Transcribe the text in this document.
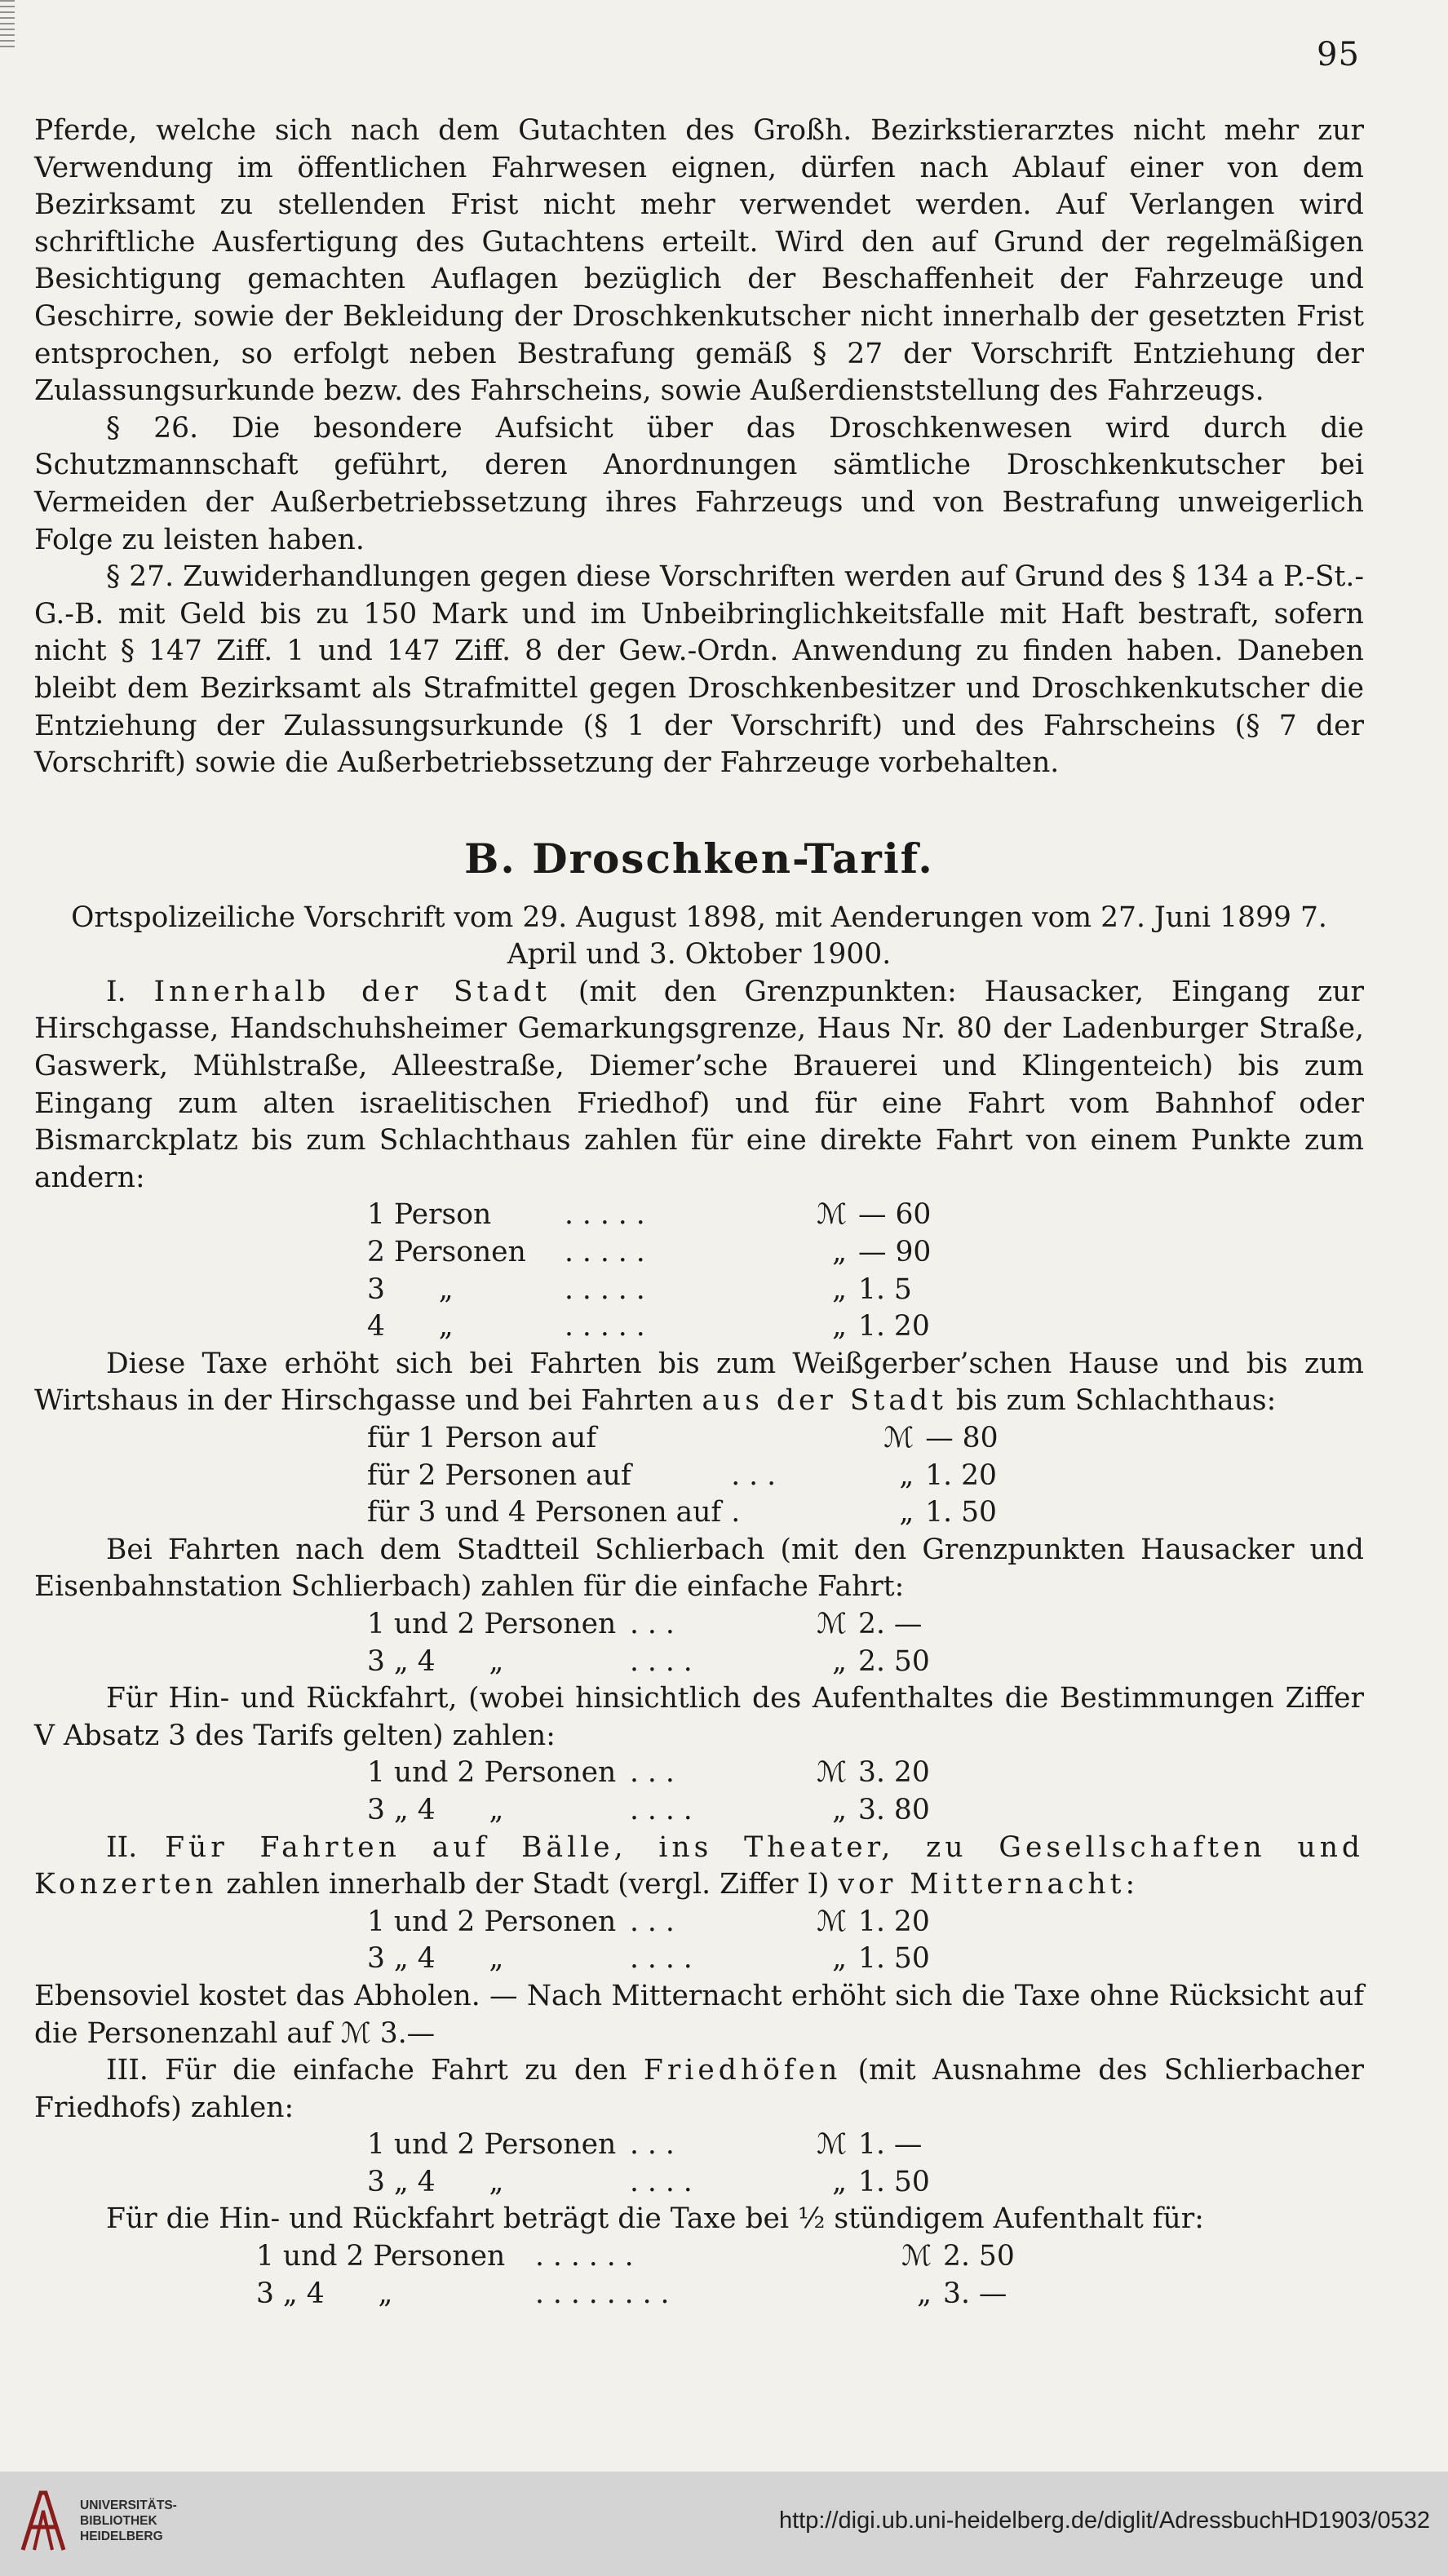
95

Pferde, welche sich nach dem Gutachten des Großh. Bezirkstierarztes nicht mehr zur Verwendung im öffentlichen Fahrwesen eignen, dürfen nach Ablauf einer von dem Bezirksamt zu stellenden Frist nicht mehr verwendet werden. Auf Verlangen wird schriftliche Ausfertigung des Gutachtens erteilt. Wird den auf Grund der regelmäßigen Besichtigung gemachten Auflagen bezüglich der Beschaffenheit der Fahrzeuge und Geschirre, sowie der Bekleidung der Droschkenkutscher nicht innerhalb der gesetzten Frist entsprochen, so erfolgt neben Bestrafung gemäß § 27 der Vorschrift Entziehung der Zulassungsurkunde bezw. des Fahrscheins, sowie Außerdienststellung des Fahrzeugs.

§ 26. Die besondere Aufsicht über das Droschkenwesen wird durch die Schutzmannschaft geführt, deren Anordnungen sämtliche Droschkenkutscher bei Vermeiden der Außerbetriebssetzung ihres Fahrzeugs und von Bestrafung unweigerlich Folge zu leisten haben.

§ 27. Zuwiderhandlungen gegen diese Vorschriften werden auf Grund des § 134 a P.-St.-G.-B. mit Geld bis zu 150 Mark und im Unbeibringlichkeitsfalle mit Haft bestraft, sofern nicht § 147 Ziff. 1 und 147 Ziff. 8 der Gew.-Ordn. Anwendung zu finden haben. Daneben bleibt dem Bezirksamt als Strafmittel gegen Droschkenbesitzer und Droschkenkutscher die Entziehung der Zulassungsurkunde (§ 1 der Vorschrift) und des Fahrscheins (§ 7 der Vorschrift) sowie die Außerbetriebssetzung der Fahrzeuge vorbehalten.

B. Droschken-Tarif.

Ortspolizeiliche Vorschrift vom 29. August 1898, mit Aenderungen vom 27. Juni 1899 7. April und 3. Oktober 1900.

I. Innerhalb der Stadt (mit den Grenzpunkten: Hausacker, Eingang zur Hirschgasse, Handschuhsheimer Gemarkungsgrenze, Haus Nr. 80 der Ladenburger Straße, Gaswerk, Mühlstraße, Alleestraße, Diemer’sche Brauerei und Klingenteich) bis zum Eingang zum alten israelitischen Friedhof) und für eine Fahrt vom Bahnhof oder Bismarckplatz bis zum Schlachthaus zahlen für eine direkte Fahrt von einem Punkte zum andern:

1 Person	. . . . .	ℳ	— 60
2 Personen	. . . . .	„	— 90
3      „	. . . . .	„	1. 5
4      „	. . . . .	„	1. 20

Diese Taxe erhöht sich bei Fahrten bis zum Weißgerber’schen Hause und bis zum Wirtshaus in der Hirschgasse und bei Fahrten aus der Stadt bis zum Schlachthaus:

für 1 Person auf		ℳ	— 80
für 2 Personen auf	. . .	„	1. 20
für 3 und 4 Personen auf	.	„	1. 50

Bei Fahrten nach dem Stadtteil Schlierbach (mit den Grenzpunkten Hausacker und Eisenbahnstation Schlierbach) zahlen für die einfache Fahrt:

1 und 2 Personen	. . .	ℳ	2. —
3 „ 4      „	. . . .	„	2. 50

Für Hin- und Rückfahrt, (wobei hinsichtlich des Aufenthaltes die Bestimmungen Ziffer V Absatz 3 des Tarifs gelten) zahlen:

1 und 2 Personen	. . .	ℳ	3. 20
3 „ 4      „	. . . .	„	3. 80

II. Für Fahrten auf Bälle, ins Theater, zu Gesellschaften und Konzerten zahlen innerhalb der Stadt (vergl. Ziffer I) vor Mitternacht:

1 und 2 Personen	. . .	ℳ	1. 20
3 „ 4      „	. . . .	„	1. 50

Ebensoviel kostet das Abholen. — Nach Mitternacht erhöht sich die Taxe ohne Rücksicht auf die Personenzahl auf ℳ 3.—

III. Für die einfache Fahrt zu den Friedhöfen (mit Ausnahme des Schlierbacher Friedhofs) zahlen:

1 und 2 Personen	. . .	ℳ	1. —
3 „ 4      „	. . . .	„	1. 50

Für die Hin- und Rückfahrt beträgt die Taxe bei ½ stündigem Aufenthalt für:

1 und 2 Personen	. . . . . .	ℳ	2. 50
3 „ 4      „	. . . . . . . .	„	3. —
UNIVERSITÄTS-
BIBLIOTHEK
HEIDELBERG
http://digi.ub.uni-heidelberg.de/diglit/AdressbuchHD1903/0532
